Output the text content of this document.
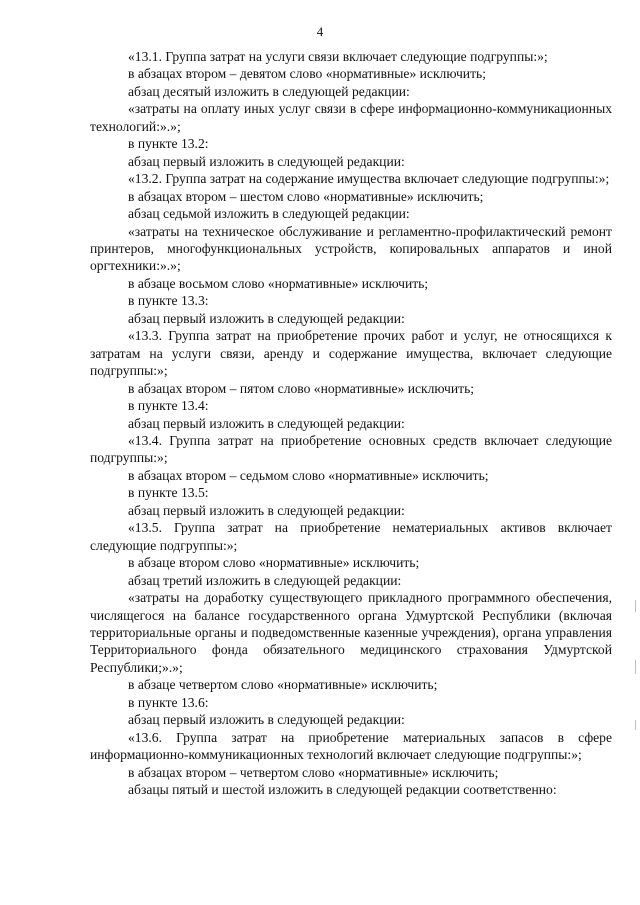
4

«13.1. Группа затрат на услуги связи включает следующие подгруппы:»;

в абзацах втором – девятом слово «нормативные» исключить;

абзац десятый изложить в следующей редакции:

«затраты на оплату иных услуг связи в сфере информационно-коммуникационных технологий:».»;

в пункте 13.2:

абзац первый изложить в следующей редакции:

«13.2. Группа затрат на содержание имущества включает следующие подгруппы:»;

в абзацах втором – шестом слово «нормативные» исключить;

абзац седьмой изложить в следующей редакции:

«затраты на техническое обслуживание и регламентно-профилактический ремонт принтеров, многофункциональных устройств, копировальных аппаратов и иной оргтехники:».»;

в абзаце восьмом слово «нормативные» исключить;

в пункте 13.3:

абзац первый изложить в следующей редакции:

«13.3. Группа затрат на приобретение прочих работ и услуг, не относящихся к затратам на услуги связи, аренду и содержание имущества, включает следующие подгруппы:»;

в абзацах втором – пятом слово «нормативные» исключить;

в пункте 13.4:

абзац первый изложить в следующей редакции:

«13.4. Группа затрат на приобретение основных средств включает следующие подгруппы:»;

в абзацах втором – седьмом слово «нормативные» исключить;

в пункте 13.5:

абзац первый изложить в следующей редакции:

«13.5. Группа затрат на приобретение нематериальных активов включает следующие подгруппы:»;

в абзаце втором слово «нормативные» исключить;

абзац третий изложить в следующей редакции:

«затраты на доработку существующего прикладного программного обеспечения, числящегося на балансе государственного органа Удмуртской Республики (включая территориальные органы и подведомственные казенные учреждения), органа управления Территориального фонда обязательного медицинского страхования Удмуртской Республики;».»;

в абзаце четвертом слово «нормативные» исключить;

в пункте 13.6:

абзац первый изложить в следующей редакции:

«13.6. Группа затрат на приобретение материальных запасов в сфере информационно-коммуникационных технологий включает следующие подгруппы:»;

в абзацах втором – четвертом слово «нормативные» исключить;

абзацы пятый и шестой изложить в следующей редакции соответственно:
